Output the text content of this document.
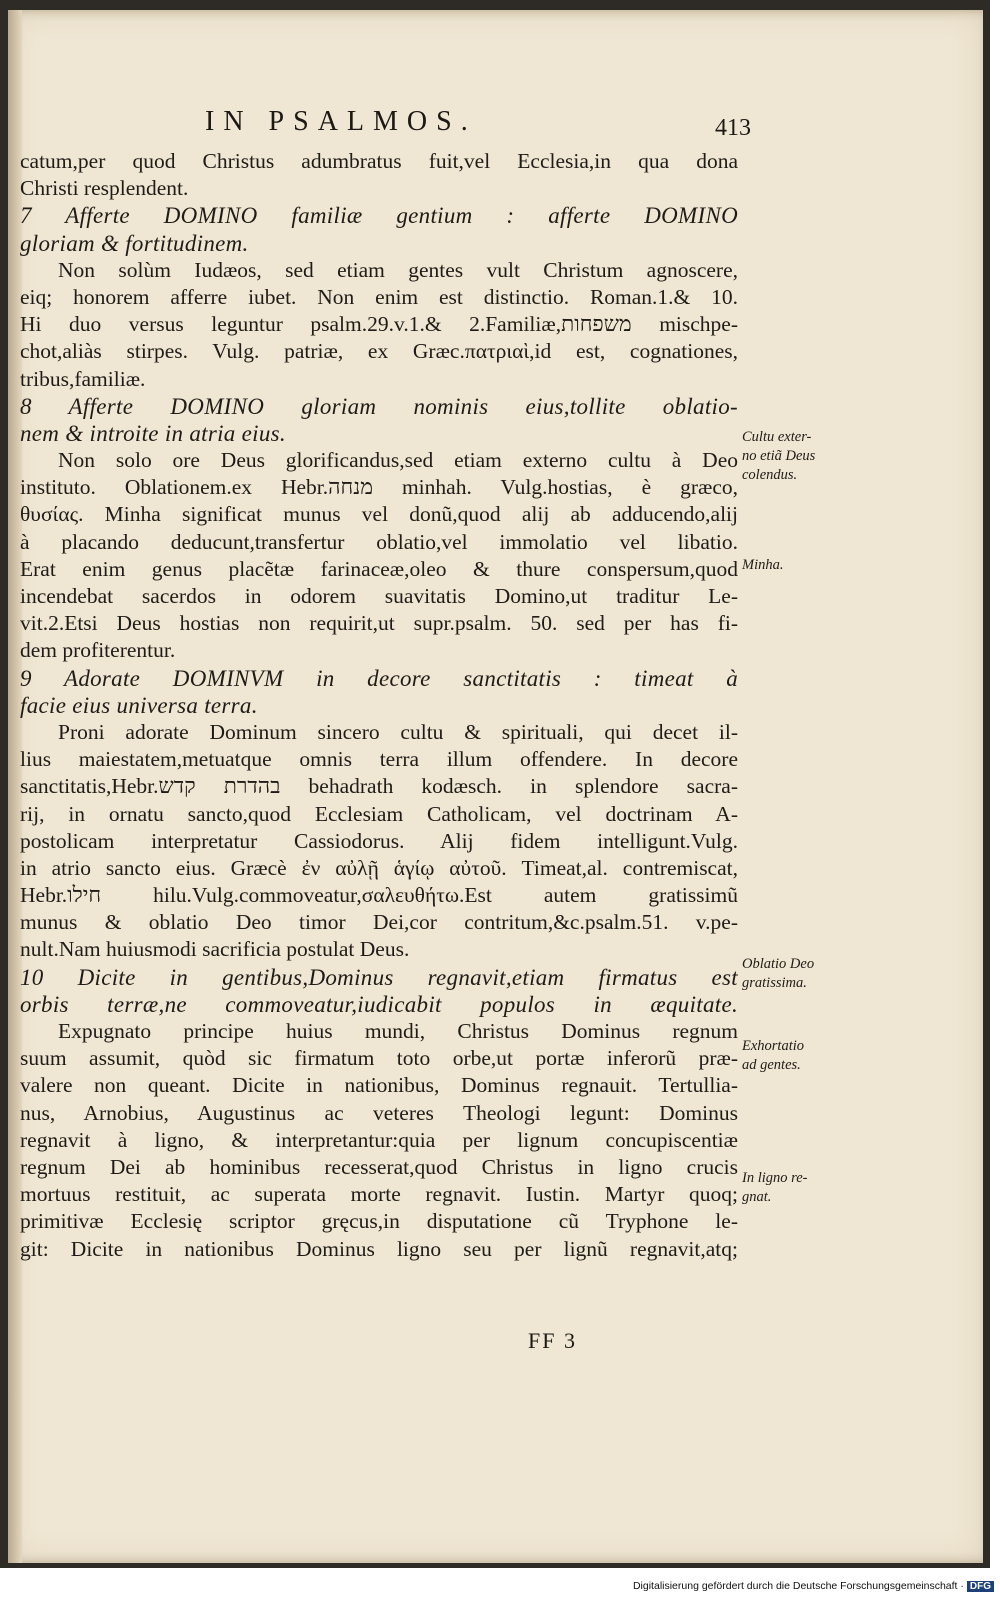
IN PSALMOS.	413
catum,per quod Christus adumbratus fuit,vel Ecclesia,in qua dona
Christi resplendent.
7 Afferte DOMINO familiæ gentium : afferte DOMINO
gloriam & fortitudinem.
Non solùm Iudæos, sed etiam gentes vult Christum agnoscere,
eiq; honorem afferre iubet. Non enim est distinctio. Roman.1.& 10.
Hi duo versus leguntur psalm.29.v.1.& 2.Familiæ,משפחות mischpe-
chot,aliàs stirpes. Vulg. patriæ, ex Græc.πατριαὶ,id est, cognationes,
tribus,familiæ.
8 Afferte DOMINO gloriam nominis eius,tollite oblatio-
nem & introite in atria eius.
Non solo ore Deus glorificandus,sed etiam externo cultu à Deo
instituto. Oblationem.ex Hebr.מנחה minhah. Vulg.hostias, è græco,
θυσίας. Minha significat munus vel donũ,quod alij ab adducendo,alij
à placando deducunt,transfertur oblatio,vel immolatio vel libatio.
Erat enim genus placẽtæ farinaceæ,oleo & thure conspersum,quod
incendebat sacerdos in odorem suavitatis Domino,ut traditur Le-
vit.2.Etsi Deus hostias non requirit,ut supr.psalm. 50. sed per has fi-
dem profiterentur.
9 Adorate DOMINVM in decore sanctitatis : timeat à
facie eius universa terra.
Proni adorate Dominum sincero cultu & spirituali, qui decet il-
lius maiestatem,metuatque omnis terra illum offendere. In decore
sanctitatis,Hebr.בהדרת קדש behadrath kodæsch. in splendore sacra-
rij, in ornatu sancto,quod Ecclesiam Catholicam, vel doctrinam A-
postolicam interpretatur Cassiodorus. Alij fidem intelligunt.Vulg.
in atrio sancto eius. Græcè ἐν αὐλῇ ἁγίῳ αὐτοῦ. Timeat,al. contremiscat,
Hebr.חילו hilu.Vulg.commoveatur,σαλευθήτω.Est autem gratissimũ
munus & oblatio Deo timor Dei,cor contritum,&c.psalm.51. v.pe-
nult.Nam huiusmodi sacrificia postulat Deus.
10 Dicite in gentibus,Dominus regnavit,etiam firmatus est
orbis terræ,ne commoveatur,iudicabit populos in æquitate.
Expugnato principe huius mundi, Christus Dominus regnum
suum assumit, quòd sic firmatum toto orbe,ut portæ inferorũ præ-
valere non queant. Dicite in nationibus, Dominus regnauit. Tertullia-
nus, Arnobius, Augustinus ac veteres Theologi legunt: Dominus
regnavit à ligno, & interpretantur:quia per lignum concupiscentiæ
regnum Dei ab hominibus recesserat,quod Christus in ligno crucis
mortuus restituit, ac superata morte regnavit. Iustin. Martyr quoq;
primitivæ Ecclesię scriptor gręcus,in disputatione cũ Tryphone le-
git: Dicite in nationibus Dominus ligno seu per lignũ regnavit,atq;
Cultu exter-
no etiã Deus
colendus.
Minha.
Oblatio Deo
gratissima.
Exhortatio
ad gentes.
In ligno re-
gnat.
FF 3
Digitalisierung gefördert durch die Deutsche Forschungsgemeinschaft · DFG
